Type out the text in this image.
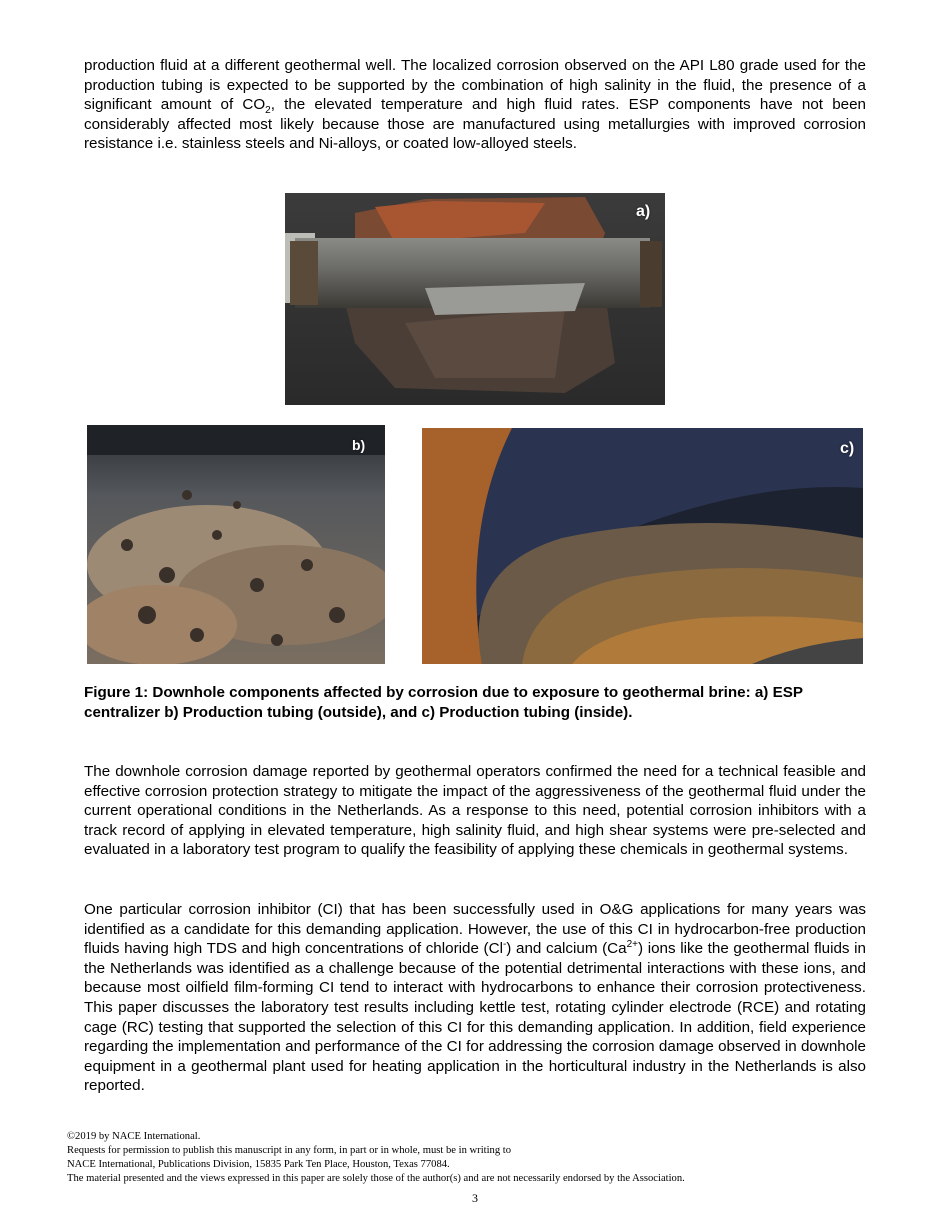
production fluid at a different geothermal well. The localized corrosion observed on the API L80 grade used for the production tubing is expected to be supported by the combination of high salinity in the fluid, the presence of a significant amount of $CO_2$, the elevated temperature and high fluid rates. ESP components have not been considerably affected most likely because those are manufactured using metallurgies with improved corrosion resistance i.e. stainless steels and Ni-alloys, or coated low-alloyed steels.

a)
b)	c)

Figure 1: Downhole components affected by corrosion due to exposure to geothermal brine: a) ESP centralizer b) Production tubing (outside), and c) Production tubing (inside).

The downhole corrosion damage reported by geothermal operators confirmed the need for a technical feasible and effective corrosion protection strategy to mitigate the impact of the aggressiveness of the geothermal fluid under the current operational conditions in the Netherlands. As a response to this need, potential corrosion inhibitors with a track record of applying in elevated temperature, high salinity fluid, and high shear systems were pre-selected and evaluated in a laboratory test program to qualify the feasibility of applying these chemicals in geothermal systems.

One particular corrosion inhibitor (CI) that has been successfully used in O&G applications for many years was identified as a candidate for this demanding application. However, the use of this CI in hydrocarbon-free production fluids having high TDS and high concentrations of chloride (Cl-) and calcium $(Ca^{2+})$ ions like the geothermal fluids in the Netherlands was identified as a challenge because of the potential detrimental interactions with these ions, and because most oilfield film-forming CI tend to interact with hydrocarbons to enhance their corrosion protectiveness. This paper discusses the laboratory test results including kettle test, rotating cylinder electrode (RCE) and rotating cage (RC) testing that supported the selection of this CI for this demanding application. In addition, field experience regarding the implementation and performance of the CI for addressing the corrosion damage observed in downhole equipment in a geothermal plant used for heating application in the horticultural industry in the Netherlands is also reported.

©2019 by NACE International.
Requests for permission to publish this manuscript in any form, in part or in whole, must be in writing to
NACE International, Publications Division, 15835 Park Ten Place, Houston, Texas 77084.
The material presented and the views expressed in this paper are solely those of the author(s) and are not necessarily endorsed by the Association.
3
